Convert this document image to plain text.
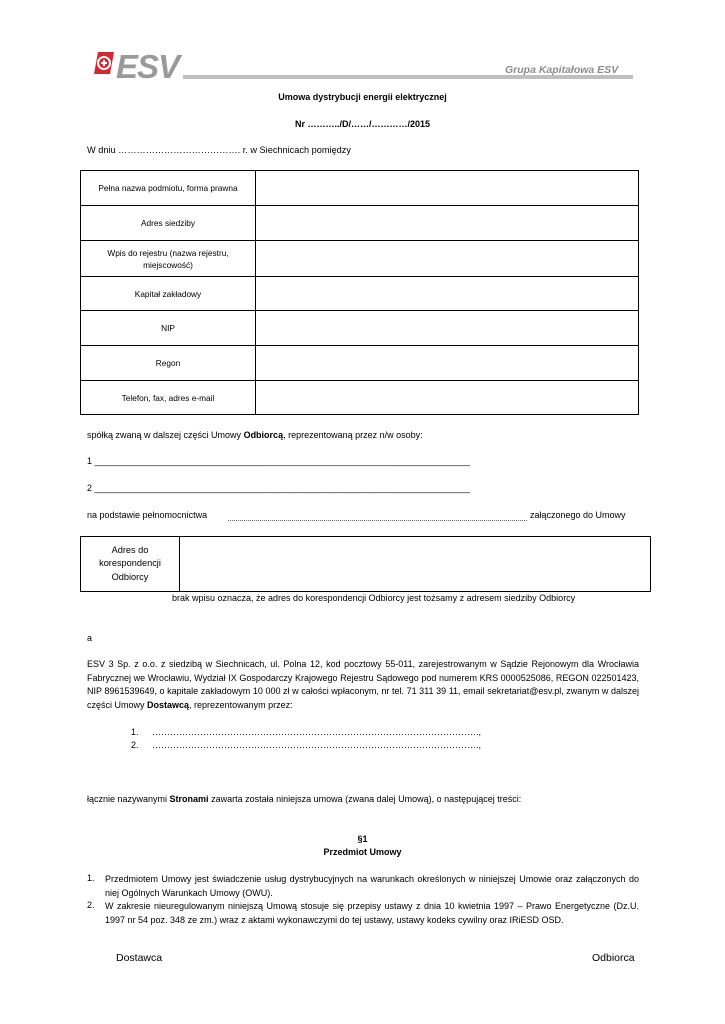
ESV	Grupa Kapitałowa ESV
Umowa dystrybucji energii elektrycznej
Nr ………../D/……/…………/2015
W dniu …………………………………. r. w Siechnicach pomiędzy
Pełna nazwa podmiotu, forma prawna	
Adres siedziby	
Wpis do rejestru (nazwa rejestru, miejscowość)	
Kapitał zakładowy	
NIP	
Regon	
Telefon, fax, adres e-mail	
spółką zwaną w dalszej części Umowy Odbiorcą, reprezentowaną przez n/w osoby:
1 ___________________________________________________________________________
2 ___________________________________________________________________________
na podstawie pełnomocnictwa	załączonego do Umowy
Adres do korespondencji Odbiorcy	
brak wpisu oznacza, że adres do korespondencji Odbiorcy jest tożsamy z adresem siedziby Odbiorcy
a
ESV 3 Sp. z o.o. z siedzibą w Siechnicach, ul. Polna 12, kod pocztowy 55-011, zarejestrowanym w Sądzie Rejonowym dla Wrocławia Fabrycznej we Wrocławiu, Wydział IX Gospodarczy Krajowego Rejestru Sądowego pod numerem KRS 0000525086, REGON 022501423, NIP 8961539649, o kapitale zakładowym 10 000 zł w całości wpłaconym, nr tel. 71 311 39 11, email sekretariat@esv.pl, zwanym w dalszej części Umowy Dostawcą, reprezentowanym przez:
1. ……………………………………………………………………………………………….,
2. ……………………………………………………………………………………………….,
łącznie nazywanymi Stronami zawarta została niniejsza umowa (zwana dalej Umową), o następującej treści:
§1
Przedmiot Umowy
1. Przedmiotem Umowy jest świadczenie usług dystrybucyjnych na warunkach określonych w niniejszej Umowie oraz załączonych do niej Ogólnych Warunkach Umowy (OWU).
2. W zakresie nieuregulowanym niniejszą Umową stosuje się przepisy ustawy z dnia 10 kwietnia 1997 – Prawo Energetyczne (Dz.U. 1997 nr 54 poz. 348 ze zm.) wraz z aktami wykonawczymi do tej ustawy, ustawy kodeks cywilny oraz IRiESD OSD.
Dostawca	Odbiorca
